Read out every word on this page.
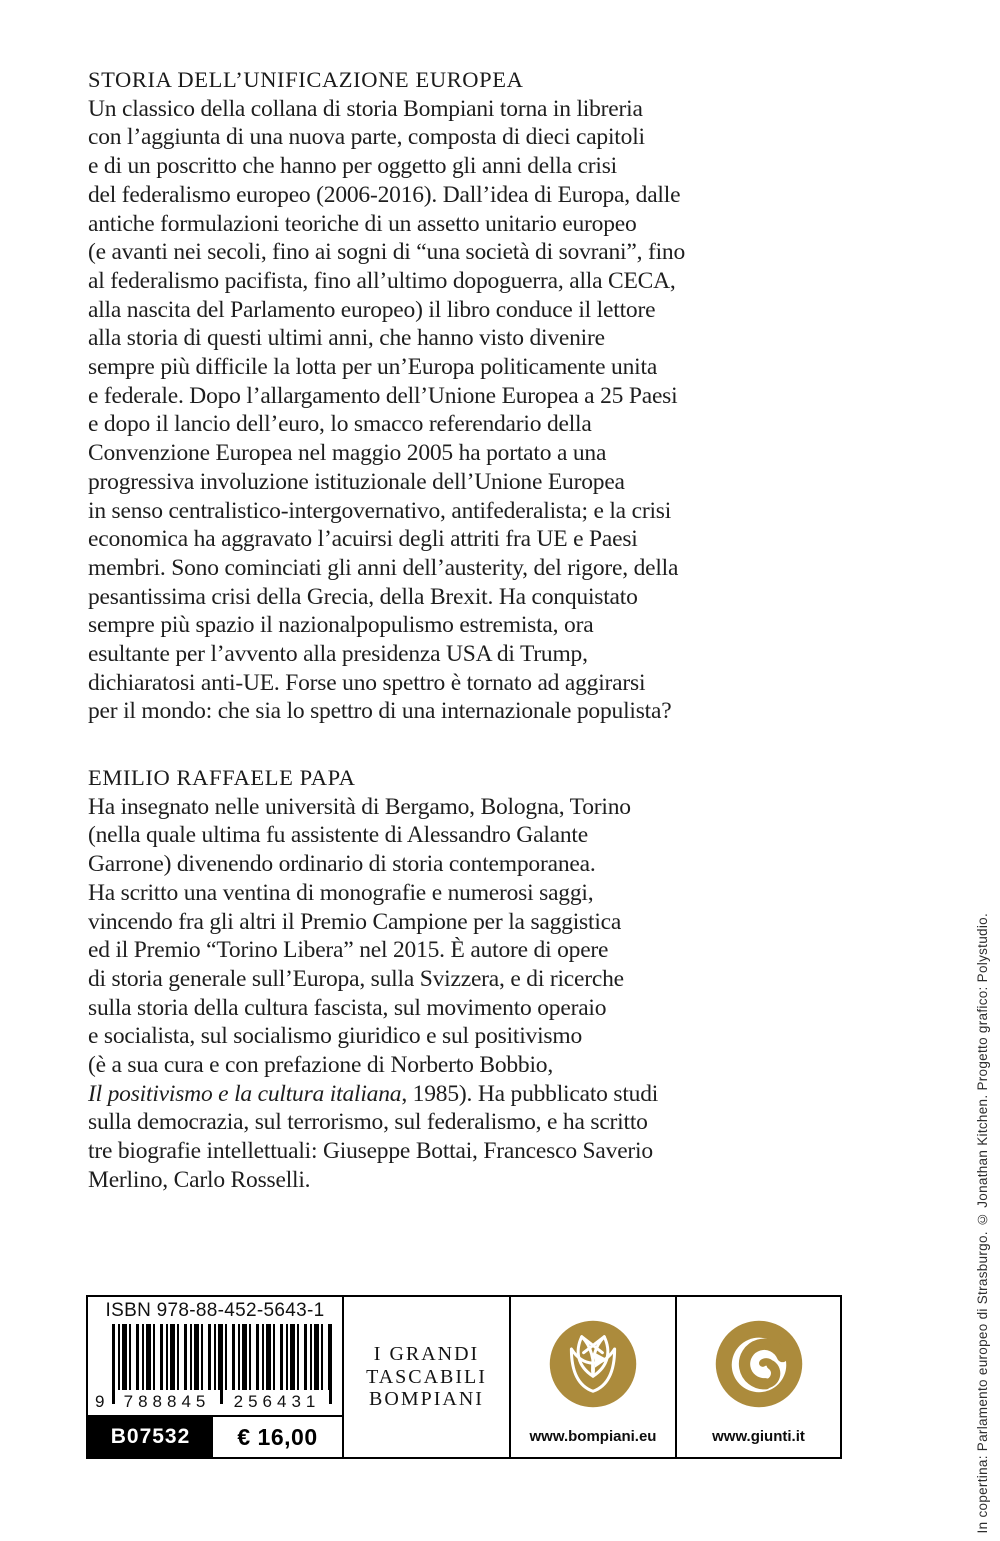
STORIA DELL’UNIFICAZIONE EUROPEA
Un classico della collana di storia Bompiani torna in libreria
con l’aggiunta di una nuova parte, composta di dieci capitoli
e di un poscritto che hanno per oggetto gli anni della crisi
del federalismo europeo (2006-2016). Dall’idea di Europa, dalle
antiche formulazioni teoriche di un assetto unitario europeo
(e avanti nei secoli, fino ai sogni di “una società di sovrani”, fino
al federalismo pacifista, fino all’ultimo dopoguerra, alla CECA,
alla nascita del Parlamento europeo) il libro conduce il lettore
alla storia di questi ultimi anni, che hanno visto divenire
sempre più difficile la lotta per un’Europa politicamente unita
e federale. Dopo l’allargamento dell’Unione Europea a 25 Paesi
e dopo il lancio dell’euro, lo smacco referendario della
Convenzione Europea nel maggio 2005 ha portato a una
progressiva involuzione istituzionale dell’Unione Europea
in senso centralistico-intergovernativo, antifederalista; e la crisi
economica ha aggravato l’acuirsi degli attriti fra UE e Paesi
membri. Sono cominciati gli anni dell’austerity, del rigore, della
pesantissima crisi della Grecia, della Brexit. Ha conquistato
sempre più spazio il nazionalpopulismo estremista, ora
esultante per l’avvento alla presidenza USA di Trump,
dichiaratosi anti-UE. Forse uno spettro è tornato ad aggirarsi
per il mondo: che sia lo spettro di una internazionale populista?
EMILIO RAFFAELE PAPA
Ha insegnato nelle università di Bergamo, Bologna, Torino
(nella quale ultima fu assistente di Alessandro Galante
Garrone) divenendo ordinario di storia contemporanea.
Ha scritto una ventina di monografie e numerosi saggi,
vincendo fra gli altri il Premio Campione per la saggistica
ed il Premio “Torino Libera” nel 2015. È autore di opere
di storia generale sull’Europa, sulla Svizzera, e di ricerche
sulla storia della cultura fascista, sul movimento operaio
e socialista, sul socialismo giuridico e sul positivismo
(è a sua cura e con prefazione di Norberto Bobbio,
Il positivismo e la cultura italiana, 1985). Ha pubblicato studi
sulla democrazia, sul terrorismo, sul federalismo, e ha scritto
tre biografie intellettuali: Giuseppe Bottai, Francesco Saverio
Merlino, Carlo Rosselli.	In copertina: Parlamento europeo di Strasburgo. © Jonathan Kitchen. Progetto grafico: Polystudio.
ISBN 978-88-452-5643-1
9	788845	256431
B07532	€ 16,00
I GRANDI
TASCABILI
BOMPIANI
www.bompiani.eu	www.giunti.it
